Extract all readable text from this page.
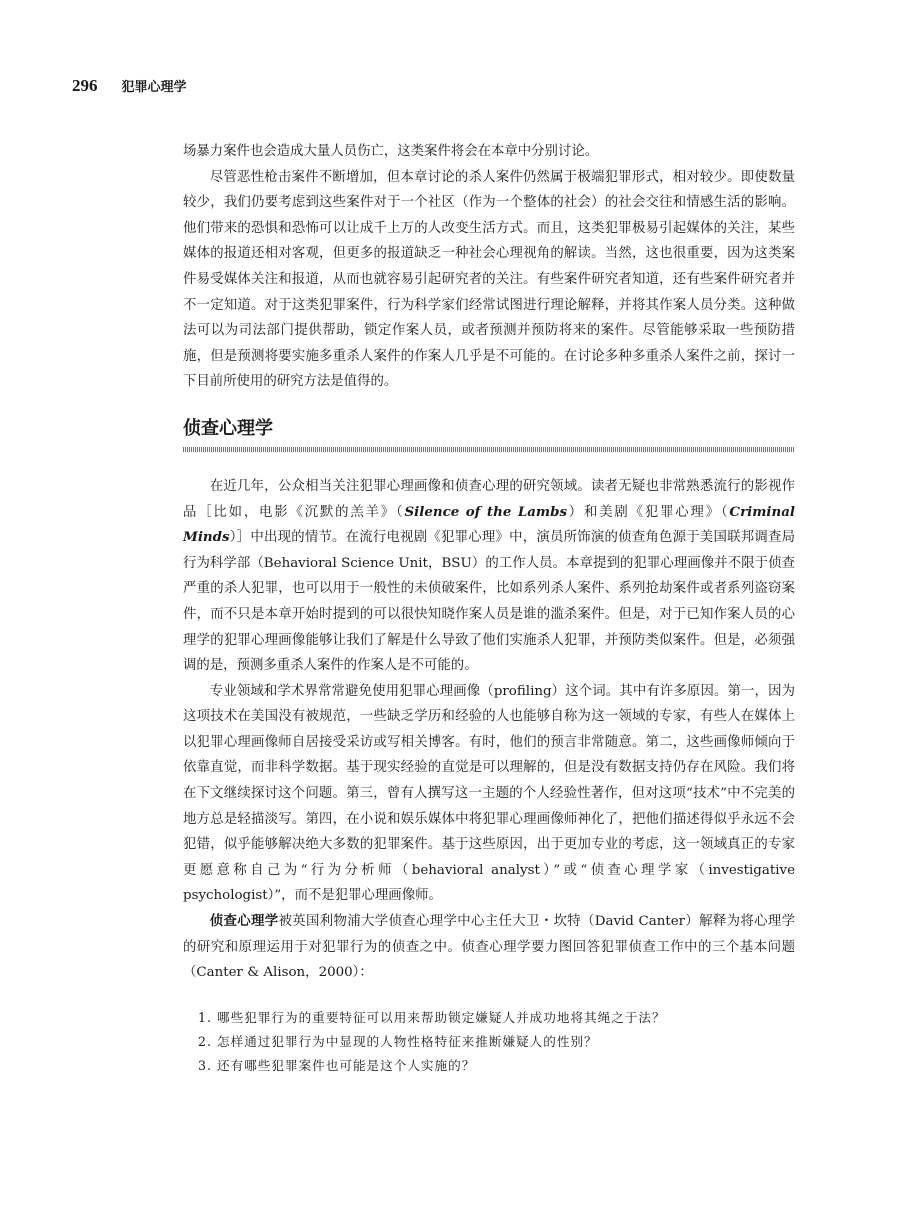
296 犯罪心理学

场暴力案件也会造成大量人员伤亡，这类案件将会在本章中分别讨论。

尽管恶性枪击案件不断增加，但本章讨论的杀人案件仍然属于极端犯罪形式，相对较少。即使数量较少，我们仍要考虑到这些案件对于一个社区（作为一个整体的社会）的社会交往和情感生活的影响。他们带来的恐惧和恐怖可以让成千上万的人改变生活方式。而且，这类犯罪极易引起媒体的关注，某些媒体的报道还相对客观，但更多的报道缺乏一种社会心理视角的解读。当然，这也很重要，因为这类案件易受媒体关注和报道，从而也就容易引起研究者的关注。有些案件研究者知道，还有些案件研究者并不一定知道。对于这类犯罪案件，行为科学家们经常试图进行理论解释，并将其作案人员分类。这种做法可以为司法部门提供帮助，锁定作案人员，或者预测并预防将来的案件。尽管能够采取一些预防措施，但是预测将要实施多重杀人案件的作案人几乎是不可能的。在讨论多种多重杀人案件之前，探讨一下目前所使用的研究方法是值得的。

侦查心理学

在近几年，公众相当关注犯罪心理画像和侦查心理的研究领域。读者无疑也非常熟悉流行的影视作品［比如，电影《沉默的羔羊》（Silence of the Lambs）和美剧《犯罪心理》（Criminal Minds）］中出现的情节。在流行电视剧《犯罪心理》中，演员所饰演的侦查角色源于美国联邦调查局行为科学部（Behavioral Science Unit，BSU）的工作人员。本章提到的犯罪心理画像并不限于侦查严重的杀人犯罪，也可以用于一般性的未侦破案件，比如系列杀人案件、系列抢劫案件或者系列盗窃案件，而不只是本章开始时提到的可以很快知晓作案人员是谁的滥杀案件。但是，对于已知作案人员的心理学的犯罪心理画像能够让我们了解是什么导致了他们实施杀人犯罪，并预防类似案件。但是，必须强调的是，预测多重杀人案件的作案人是不可能的。

专业领域和学术界常常避免使用犯罪心理画像（profiling）这个词。其中有许多原因。第一，因为这项技术在美国没有被规范，一些缺乏学历和经验的人也能够自称为这一领域的专家，有些人在媒体上以犯罪心理画像师自居接受采访或写相关博客。有时，他们的预言非常随意。第二，这些画像师倾向于依靠直觉，而非科学数据。基于现实经验的直觉是可以理解的，但是没有数据支持仍存在风险。我们将在下文继续探讨这个问题。第三，曾有人撰写这一主题的个人经验性著作，但对这项“技术”中不完美的地方总是轻描淡写。第四，在小说和娱乐媒体中将犯罪心理画像师神化了，把他们描述得似乎永远不会犯错，似乎能够解决绝大多数的犯罪案件。基于这些原因，出于更加专业的考虑，这一领域真正的专家更愿意称自己为“行为分析师（behavioral analyst）”或“侦查心理学家（investigative psychologist）”，而不是犯罪心理画像师。

侦查心理学被英国利物浦大学侦查心理学中心主任大卫・坎特（David Canter）解释为将心理学的研究和原理运用于对犯罪行为的侦查之中。侦查心理学要力图回答犯罪侦查工作中的三个基本问题（Canter & Alison，2000）：

1. 哪些犯罪行为的重要特征可以用来帮助锁定嫌疑人并成功地将其绳之于法？
2. 怎样通过犯罪行为中显现的人物性格特征来推断嫌疑人的性别？
3. 还有哪些犯罪案件也可能是这个人实施的？
